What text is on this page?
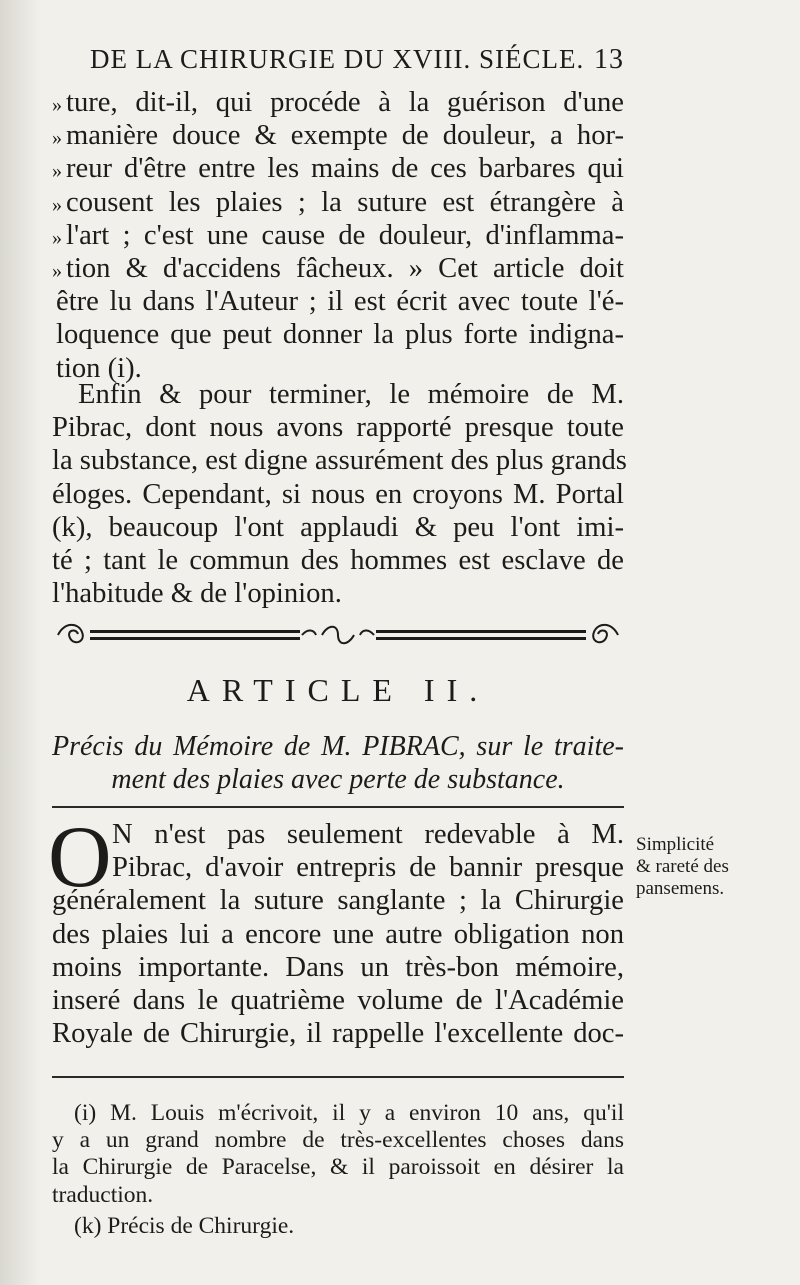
DE LA CHIRURGIE DU XVIII. SIÉCLE. 13
» ture, dit-il, qui procéde à la guérison d'une
» manière douce & exempte de douleur, a hor-
» reur d'être entre les mains de ces barbares qui
» cousent les plaies ; la suture est étrangère à
» l'art ; c'est une cause de douleur, d'inflamma-
» tion & d'accidens fâcheux. » Cet article doit
être lu dans l'Auteur ; il est écrit avec toute l'é-
loquence que peut donner la plus forte indigna-
tion (i).
Enfin & pour terminer, le mémoire de M.
Pibrac, dont nous avons rapporté presque toute
la substance, est digne assurément des plus grands
éloges. Cependant, si nous en croyons M. Portal
(k), beaucoup l'ont applaudi & peu l'ont imi-
té ; tant le commun des hommes est esclave de
l'habitude & de l'opinion.
ARTICLE II.
Précis du Mémoire de M. PIBRAC, sur le traite-
ment des plaies avec perte de substance.
O N n'est pas seulement redevable à M.
Pibrac, d'avoir entrepris de bannir presque
généralement la suture sanglante ; la Chirurgie
des plaies lui a encore une autre obligation non
moins importante. Dans un très-bon mémoire,
inseré dans le quatrième volume de l'Académie
Royale de Chirurgie, il rappelle l'excellente doc-
Simplicité
& rareté des
pansemens.
(i) M. Louis m'écrivoit, il y a environ 10 ans, qu'il
y a un grand nombre de très-excellentes choses dans
la Chirurgie de Paracelse, & il paroissoit en désirer la
traduction.
(k) Précis de Chirurgie.
